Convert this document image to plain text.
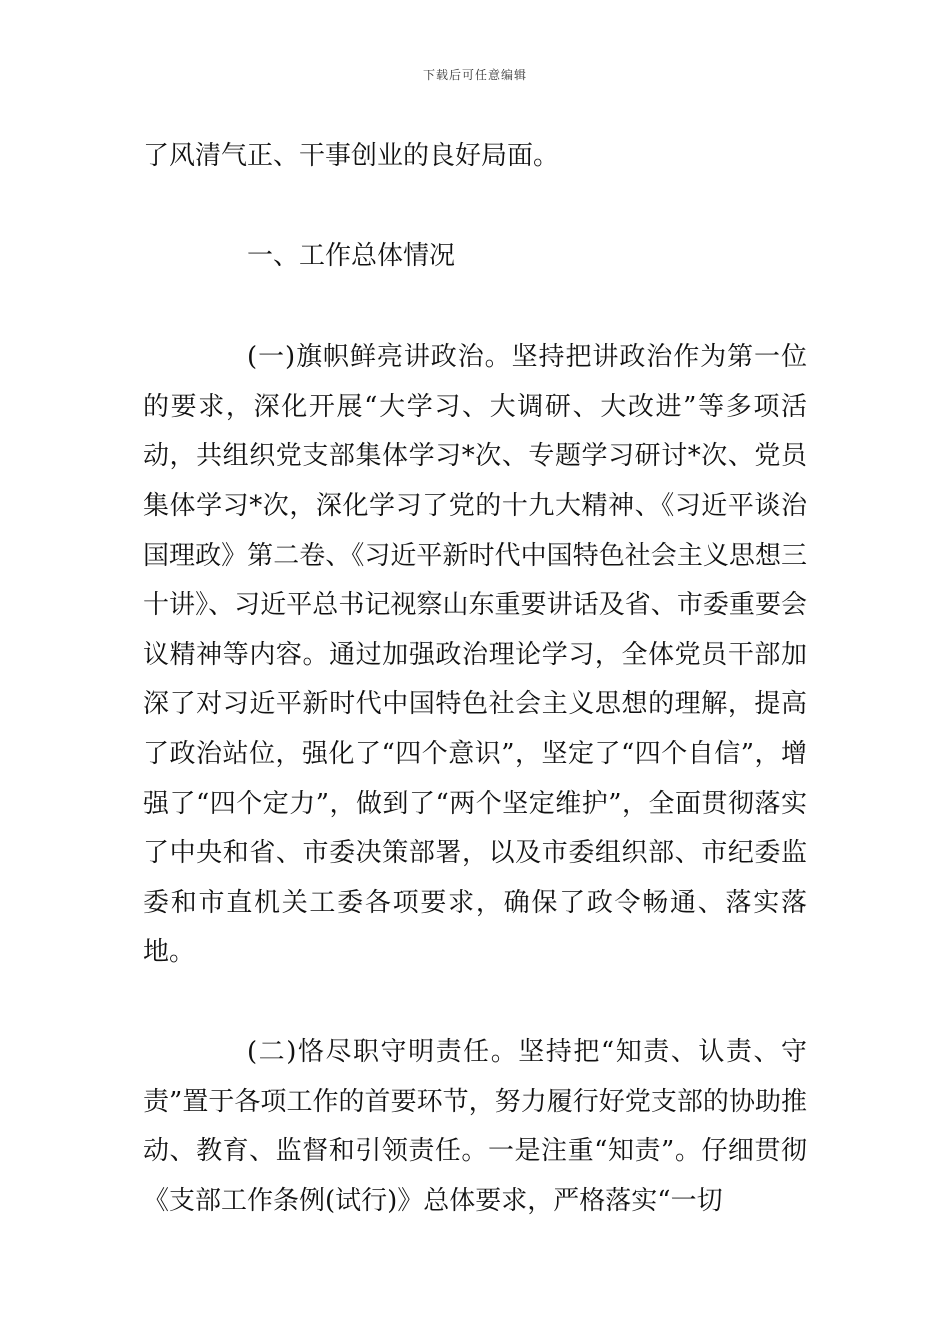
下载后可任意编辑

了风清气正、干事创业的良好局面。

一、工作总体情况

(一)旗帜鲜亮讲政治。坚持把讲政治作为第一位的要求，深化开展“大学习、大调研、大改进”等多项活动，共组织党支部集体学习*次、专题学习研讨*次、党员集体学习*次，深化学习了党的十九大精神、《习近平谈治国理政》第二卷、《习近平新时代中国特色社会主义思想三十讲》、习近平总书记视察山东重要讲话及省、市委重要会议精神等内容。通过加强政治理论学习，全体党员干部加深了对习近平新时代中国特色社会主义思想的理解，提高了政治站位，强化了“四个意识”，坚定了“四个自信”，增强了“四个定力”，做到了“两个坚定维护”，全面贯彻落实了中央和省、市委决策部署，以及市委组织部、市纪委监委和市直机关工委各项要求，确保了政令畅通、落实落地。

(二)恪尽职守明责任。坚持把“知责、认责、守责”置于各项工作的首要环节，努力履行好党支部的协助推动、教育、监督和引领责任。一是注重“知责”。仔细贯彻《支部工作条例(试行)》总体要求，严格落实“一切
